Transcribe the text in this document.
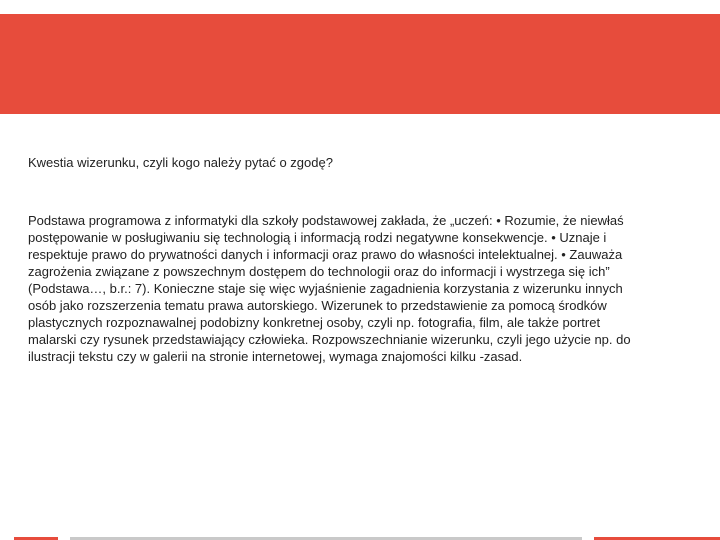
Kwestia wizerunku, czyli kogo należy pytać o zgodę?

Podstawa programowa z informatyki dla szkoły podstawowej zakłada, że „uczeń: • Rozumie, że niewłaś
postępowanie w posługiwaniu się technologią i informacją rodzi negatywne konsekwencje. • Uznaje i
respektuje prawo do prywatności danych i informacji oraz prawo do własności intelektualnej. • Zauważa
zagrożenia związane z powszechnym dostępem do technologii oraz do informacji i wystrzega się ich”
(Podstawa…, b.r.: 7). Konieczne staje się więc wyjaśnienie zagadnienia korzystania z wizerunku innych
osób jako rozszerzenia tematu prawa autorskiego. Wizerunek to przedstawienie za pomocą środków
plastycznych rozpoznawalnej podobizny konkretnej osoby, czyli np. fotografia, film, ale także portret
malarski czy rysunek przedstawiający człowieka. Rozpowszechnianie wizerunku, czyli jego użycie np. do
ilustracji tekstu czy w galerii na stronie internetowej, wymaga znajomości kilku -zasad.
